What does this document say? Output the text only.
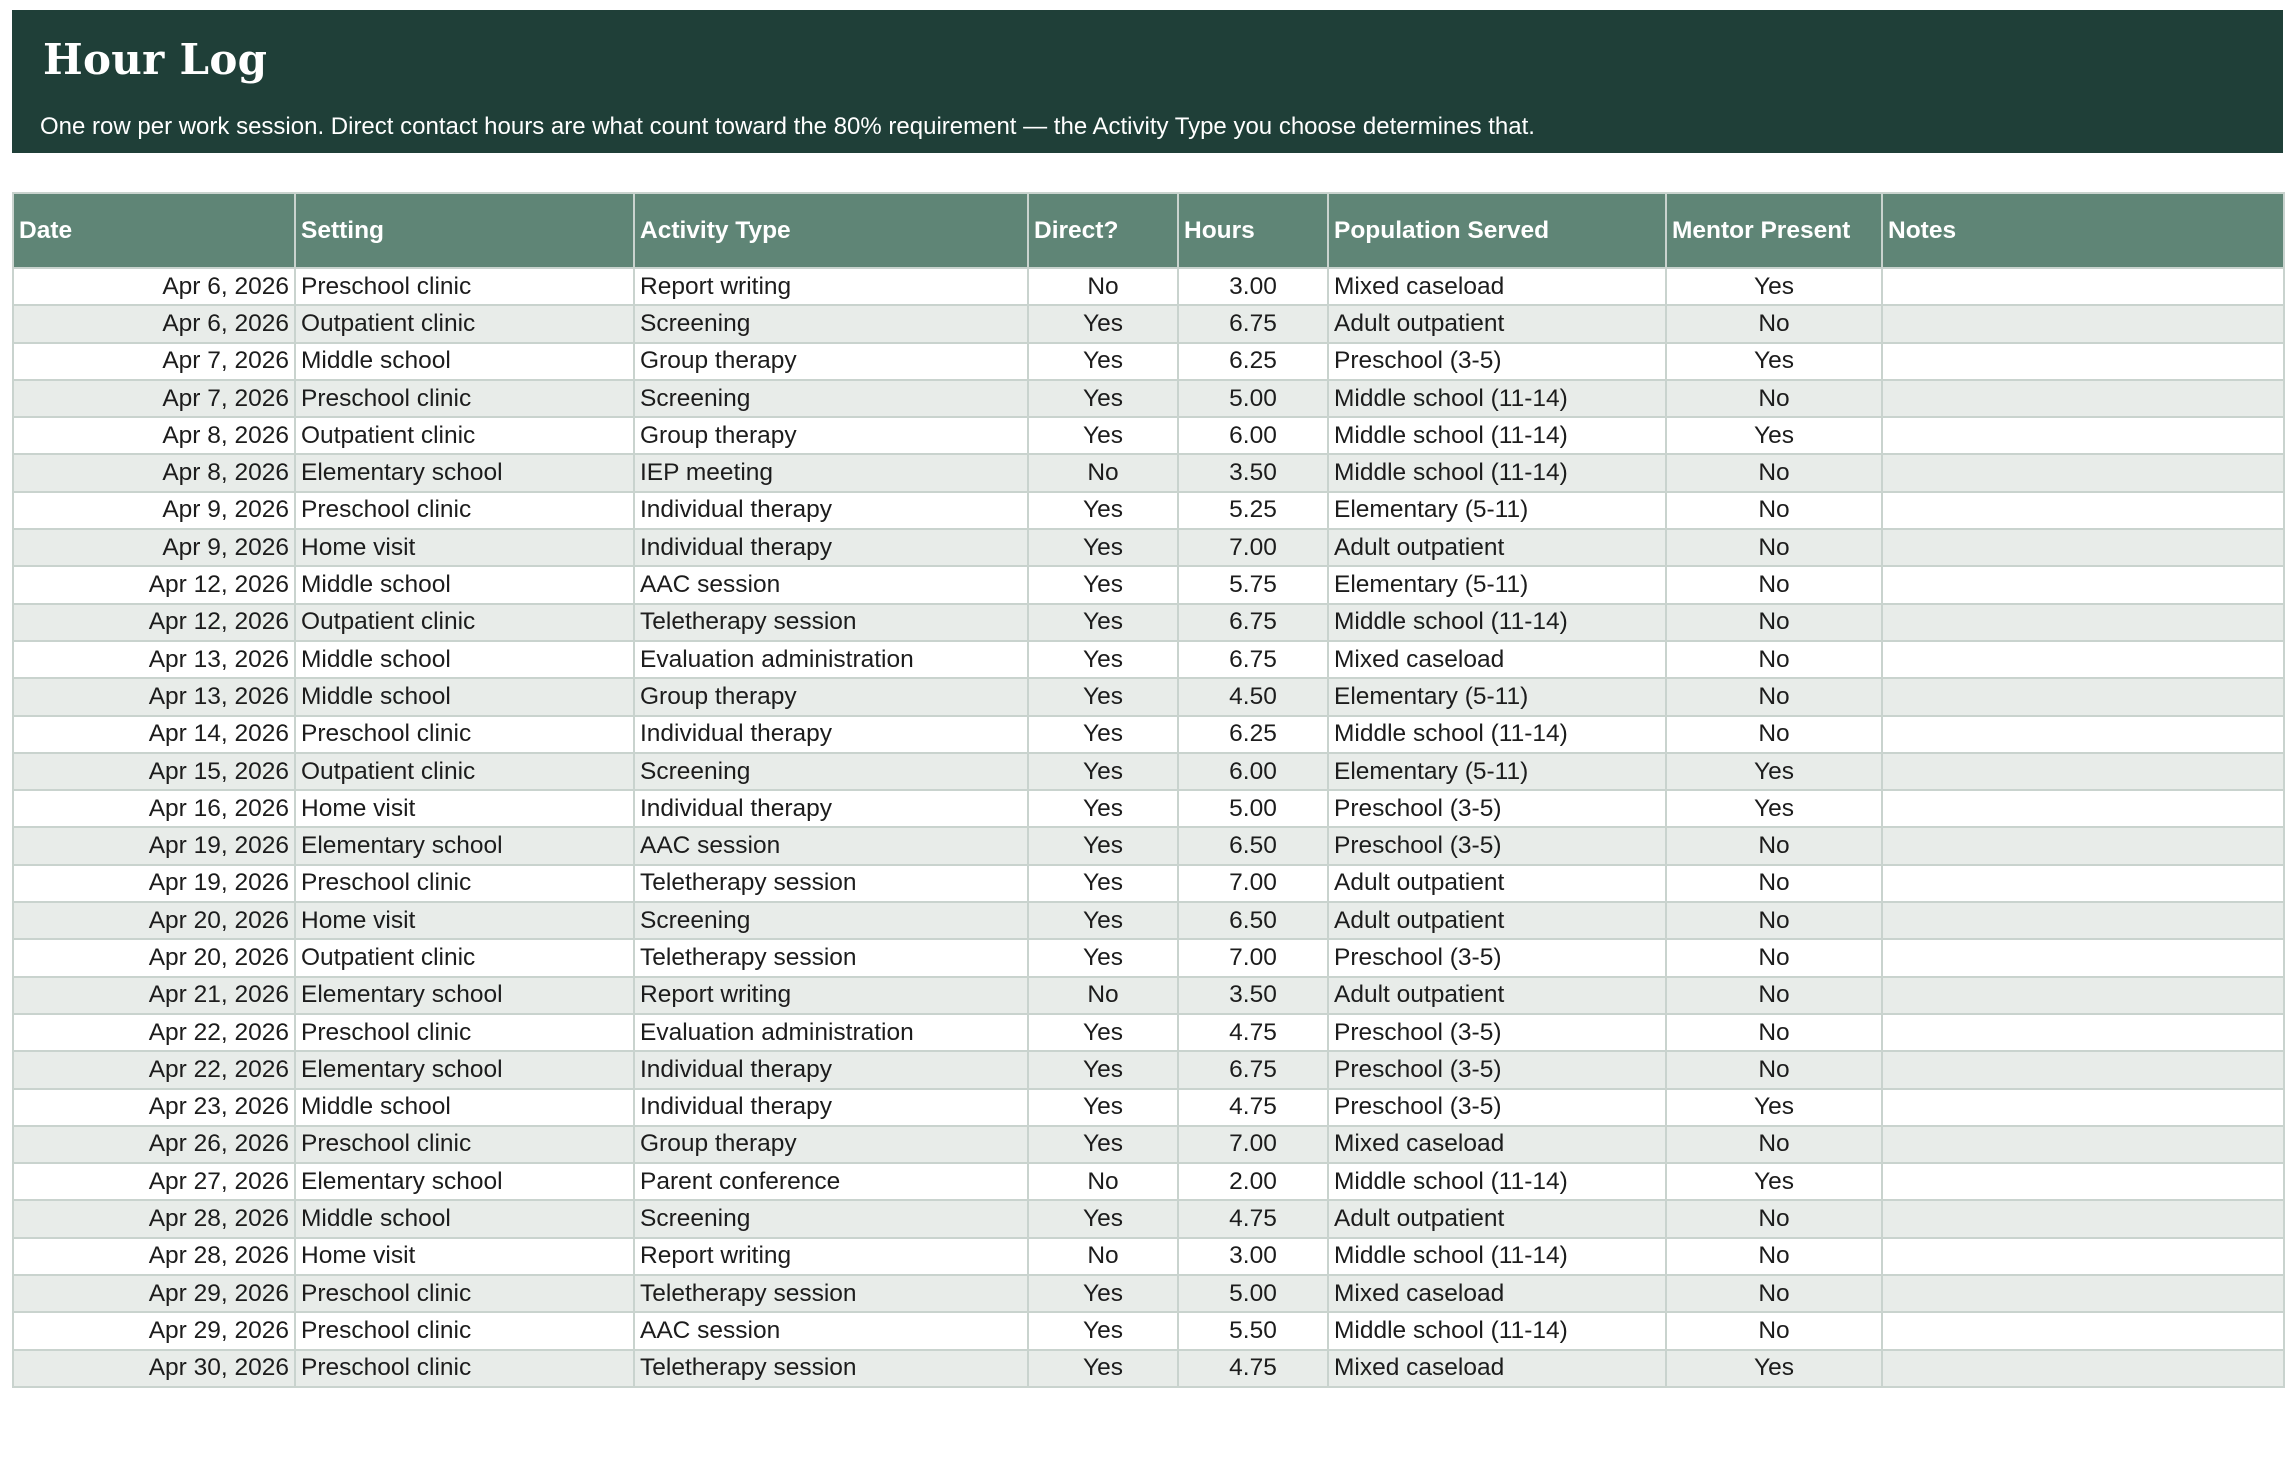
Hour Log

One row per work session. Direct contact hours are what count toward the 80% requirement — the Activity Type you choose determines that.

Date	Setting	Activity Type	Direct?	Hours	Population Served	Mentor Present	Notes
Apr 6, 2026	Preschool clinic	Report writing	No	3.00	Mixed caseload	Yes	
Apr 6, 2026	Outpatient clinic	Screening	Yes	6.75	Adult outpatient	No	
Apr 7, 2026	Middle school	Group therapy	Yes	6.25	Preschool (3-5)	Yes	
Apr 7, 2026	Preschool clinic	Screening	Yes	5.00	Middle school (11-14)	No	
Apr 8, 2026	Outpatient clinic	Group therapy	Yes	6.00	Middle school (11-14)	Yes	
Apr 8, 2026	Elementary school	IEP meeting	No	3.50	Middle school (11-14)	No	
Apr 9, 2026	Preschool clinic	Individual therapy	Yes	5.25	Elementary (5-11)	No	
Apr 9, 2026	Home visit	Individual therapy	Yes	7.00	Adult outpatient	No	
Apr 12, 2026	Middle school	AAC session	Yes	5.75	Elementary (5-11)	No	
Apr 12, 2026	Outpatient clinic	Teletherapy session	Yes	6.75	Middle school (11-14)	No	
Apr 13, 2026	Middle school	Evaluation administration	Yes	6.75	Mixed caseload	No	
Apr 13, 2026	Middle school	Group therapy	Yes	4.50	Elementary (5-11)	No	
Apr 14, 2026	Preschool clinic	Individual therapy	Yes	6.25	Middle school (11-14)	No	
Apr 15, 2026	Outpatient clinic	Screening	Yes	6.00	Elementary (5-11)	Yes	
Apr 16, 2026	Home visit	Individual therapy	Yes	5.00	Preschool (3-5)	Yes	
Apr 19, 2026	Elementary school	AAC session	Yes	6.50	Preschool (3-5)	No	
Apr 19, 2026	Preschool clinic	Teletherapy session	Yes	7.00	Adult outpatient	No	
Apr 20, 2026	Home visit	Screening	Yes	6.50	Adult outpatient	No	
Apr 20, 2026	Outpatient clinic	Teletherapy session	Yes	7.00	Preschool (3-5)	No	
Apr 21, 2026	Elementary school	Report writing	No	3.50	Adult outpatient	No	
Apr 22, 2026	Preschool clinic	Evaluation administration	Yes	4.75	Preschool (3-5)	No	
Apr 22, 2026	Elementary school	Individual therapy	Yes	6.75	Preschool (3-5)	No	
Apr 23, 2026	Middle school	Individual therapy	Yes	4.75	Preschool (3-5)	Yes	
Apr 26, 2026	Preschool clinic	Group therapy	Yes	7.00	Mixed caseload	No	
Apr 27, 2026	Elementary school	Parent conference	No	2.00	Middle school (11-14)	Yes	
Apr 28, 2026	Middle school	Screening	Yes	4.75	Adult outpatient	No	
Apr 28, 2026	Home visit	Report writing	No	3.00	Middle school (11-14)	No	
Apr 29, 2026	Preschool clinic	Teletherapy session	Yes	5.00	Mixed caseload	No	
Apr 29, 2026	Preschool clinic	AAC session	Yes	5.50	Middle school (11-14)	No	
Apr 30, 2026	Preschool clinic	Teletherapy session	Yes	4.75	Mixed caseload	Yes	
